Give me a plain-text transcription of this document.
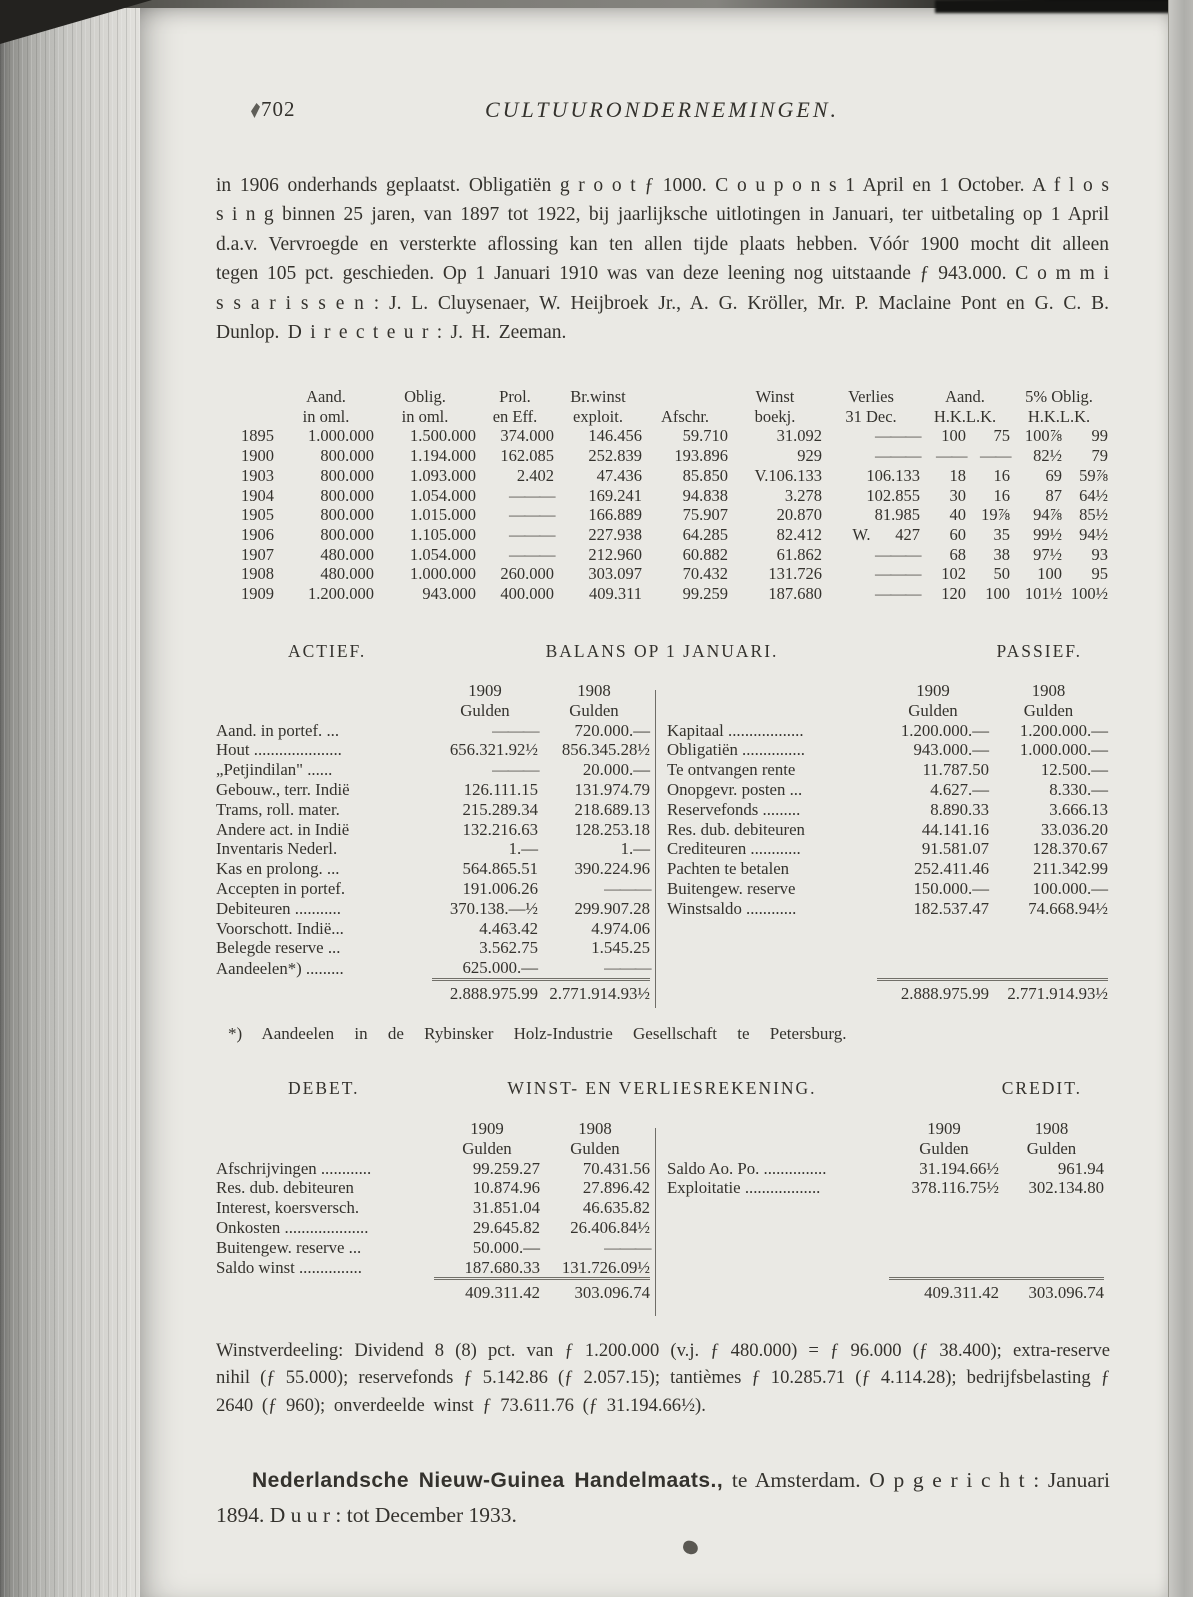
702	CULTUURONDERNEMINGEN.

in 1906 onderhands geplaatst. Obligatiën g r o o t ƒ 1000. C o u p o n s 1 April en 1 October. A f l o s s i n g binnen 25 jaren, van 1897 tot 1922, bij jaarlijksche uitlotingen in Januari, ter uitbetaling op 1 April d.a.v. Vervroegde en versterkte aflossing kan ten allen tijde plaats hebben. Vóór 1900 mocht dit alleen tegen 105 pct. geschieden. Op 1 Januari 1910 was van deze leening nog uitstaande ƒ 943.000. C o m m i s s a r i s s e n : J. L. Cluysenaer, W. Heijbroek Jr., A. G. Kröller, Mr. P. Maclaine Pont en G. C. B. Dunlop. D i r e c t e u r : J. H. Zeeman.

	Aand.	Oblig.	Prol.	Br.winst		Winst	Verlies	Aand.		5% Oblig.	
	in oml.	in oml.	en Eff.	exploit.	Afschr.	boekj.	31 Dec.	H.K.L.K.		H.K.L.K.	
1895	1.000.000	1.500.000	374.000	146.456	59.710	31.092	———	100	75	100⅞	99
1900	800.000	1.194.000	162.085	252.839	193.896	929	———	——	——	82½	79
1903	800.000	1.093.000	2.402	47.436	85.850	V.106.133	106.133	18	16	69	59⅞
1904	800.000	1.054.000	———	169.241	94.838	3.278	102.855	30	16	87	64½
1905	800.000	1.015.000	———	166.889	75.907	20.870	81.985	40	19⅞	94⅞	85½
1906	800.000	1.105.000	———	227.938	64.285	82.412	W.      427	60	35	99½	94½
1907	480.000	1.054.000	———	212.960	60.882	61.862	———	68	38	97½	93
1908	480.000	1.000.000	260.000	303.097	70.432	131.726	———	102	50	100	95
1909	1.200.000	943.000	400.000	409.311	99.259	187.680	———	120	100	101½	100½
ACTIEF.	BALANS OP 1 JANUARI.	PASSIEF.
	1909	1908
	Gulden	Gulden
Aand. in portef. ...	———	720.000.—
Hout .....................	656.321.92½	856.345.28½
„Petjindilan" ......	———	20.000.—
Gebouw., terr. Indië	126.111.15	131.974.79
Trams, roll. mater.	215.289.34	218.689.13
Andere act. in Indië	132.216.63	128.253.18
Inventaris Nederl.	1.—	1.—
Kas en prolong. ...	564.865.51	390.224.96
Accepten in portef.	191.006.26	———
Debiteuren ...........	370.138.—½	299.907.28
Voorschott. Indië...	4.463.42	4.974.06
Belegde reserve ...	3.562.75	1.545.25
Aandeelen*) .........	625.000.—	———
	2.888.975.99	2.771.914.93½
	1909	1908
	Gulden	Gulden
Kapitaal ..................	1.200.000.—	1.200.000.—
Obligatiën ...............	943.000.—	1.000.000.—
Te ontvangen rente	11.787.50	12.500.—
Onopgevr. posten ...	4.627.—	8.330.—
Reservefonds .........	8.890.33	3.666.13
Res. dub. debiteuren	44.141.16	33.036.20
Crediteuren ............	91.581.07	128.370.67
Pachten te betalen	252.411.46	211.342.99
Buitengew. reserve	150.000.—	100.000.—
Winstsaldo ............	182.537.47	74.668.94½

	2.888.975.99	2.771.914.93½

*) Aandeelen in de Rybinsker Holz-Industrie Gesellschaft te Petersburg.

DEBET.	WINST- EN VERLIESREKENING.	CREDIT.
	1909	1908
	Gulden	Gulden
Afschrijvingen ............	99.259.27	70.431.56
Res. dub. debiteuren	10.874.96	27.896.42
Interest, koersversch.	31.851.04	46.635.82
Onkosten ....................	29.645.82	26.406.84½
Buitengew. reserve ...	50.000.—	———
Saldo winst ...............	187.680.33	131.726.09½
	409.311.42	303.096.74
	1909	1908
	Gulden	Gulden
Saldo Ao. Po. ...............	31.194.66½	961.94
Exploitatie ..................	378.116.75½	302.134.80

	409.311.42	303.096.74

Winstverdeeling: Dividend 8 (8) pct. van ƒ 1.200.000 (v.j. ƒ 480.000) = ƒ 96.000 (ƒ 38.400); extra-reserve nihil (ƒ 55.000); reservefonds ƒ 5.142.86 (ƒ 2.057.15); tantièmes ƒ 10.285.71 (ƒ 4.114.28); bedrijfsbelasting ƒ 2640 (ƒ 960); onverdeelde winst ƒ 73.611.76 (ƒ 31.194.66½).

Nederlandsche Nieuw-Guinea Handelmaats., te Amsterdam. O p g e r i c h t : Januari 1894. D u u r : tot December 1933.
